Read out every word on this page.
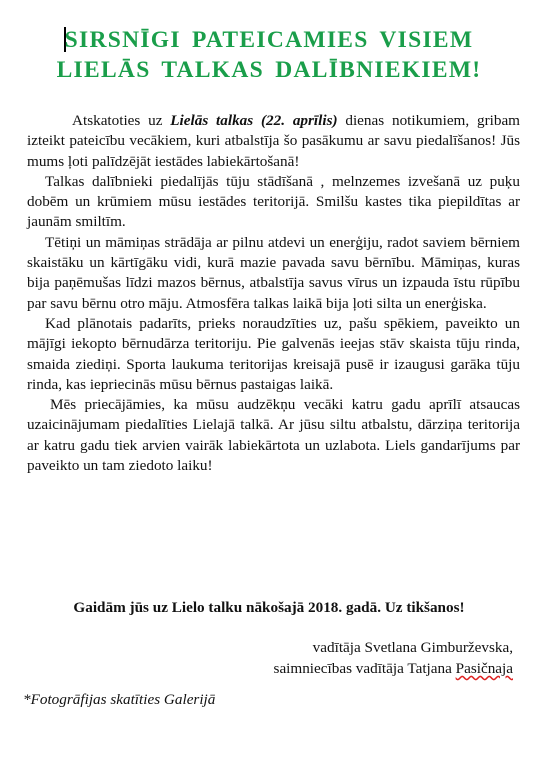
SIRSNĪGI PATEICAMIES VISIEM
LIELĀS TALKAS DALĪBNIEKIEM!

Atskatoties uz Lielās talkas (22. aprīlis) dienas notikumiem, gribam izteikt pateicību vecākiem, kuri atbalstīja šo pasākumu ar savu piedalīšanos! Jūs mums ļoti palīdzējāt iestādes labiekārtošanā!

Talkas dalībnieki piedalījās tūju stādīšanā , melnzemes izvešanā uz puķu dobēm un krūmiem mūsu iestādes teritorijā. Smilšu kastes tika piepildītas ar jaunām smiltīm.

Tētiņi un māmiņas strādāja ar pilnu atdevi un enerģiju, radot saviem bērniem skaistāku un kārtīgāku vidi, kurā mazie pavada savu bērnību. Māmiņas, kuras bija paņēmušas līdzi mazos bērnus, atbalstīja savus vīrus un izpauda īstu rūpību par savu bērnu otro māju. Atmosfēra talkas laikā bija ļoti silta un enerģiska.

Kad plānotais padarīts, prieks noraudzīties uz, pašu spēkiem, paveikto un mājīgi iekopto bērnudārza teritoriju. Pie galvenās ieejas stāv skaista tūju rinda, smaida ziediņi. Sporta laukuma teritorijas kreisajā pusē ir izaugusi garāka tūju rinda, kas iepriecinās mūsu bērnus pastaigas laikā.

Mēs priecājāmies, ka mūsu audzēkņu vecāki katru gadu aprīlī atsaucas uzaicinājumam piedalīties Lielajā talkā. Ar jūsu siltu atbalstu, dārziņa teritorija ar katru gadu tiek arvien vairāk labiekārtota un uzlabota. Liels gandarījums par paveikto un tam ziedoto laiku!

Gaidām jūs uz Lielo talku nākošajā 2018. gadā. Uz tikšanos!
vadītāja Svetlana Gimburževska,
saimniecības vadītāja Tatjana Pasičnaja
*Fotogrāfijas skatīties Galerijā
